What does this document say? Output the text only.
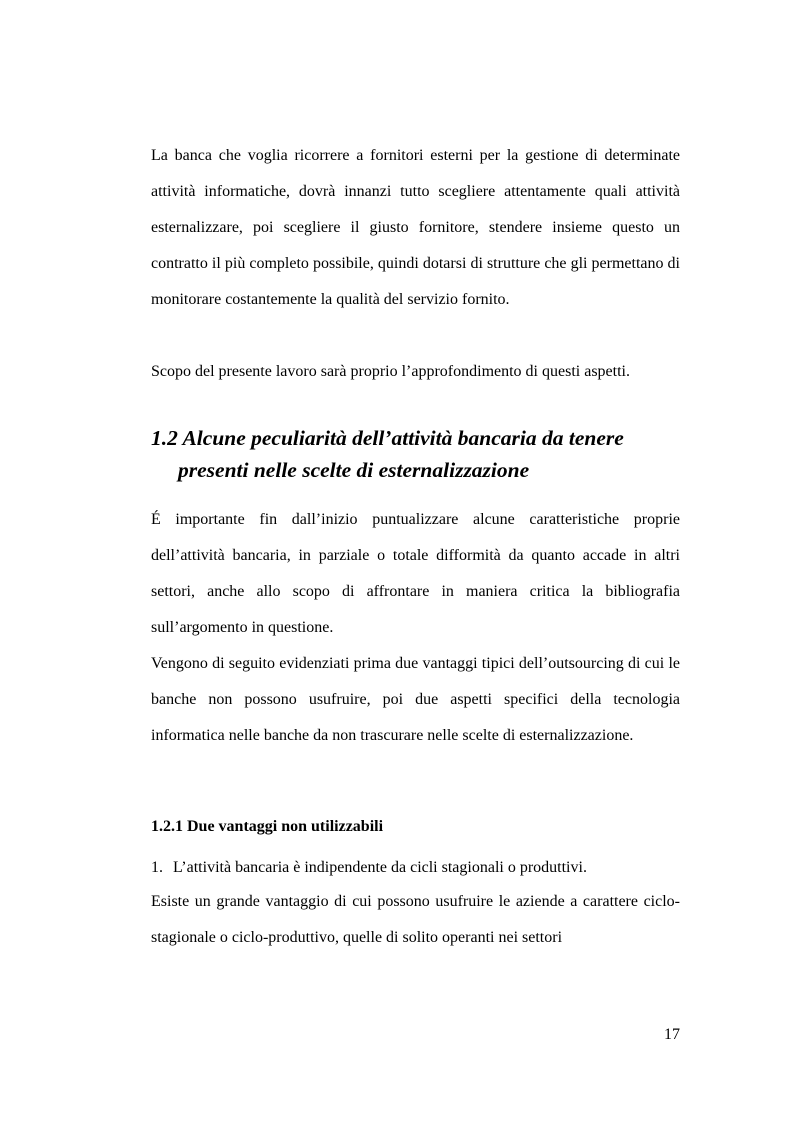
La banca che voglia ricorrere a fornitori esterni per la gestione di determinate attività informatiche, dovrà innanzi tutto scegliere attentamente quali attività esternalizzare, poi scegliere il giusto fornitore, stendere insieme questo un contratto il più completo possibile, quindi dotarsi di strutture che gli permettano di monitorare costantemente la qualità del servizio fornito.

Scopo del presente lavoro sarà proprio l’approfondimento di questi aspetti.

1.2 Alcune peculiarità dell’attività bancaria da tenere
presenti nelle scelte di esternalizzazione

É importante fin dall’inizio puntualizzare alcune caratteristiche proprie dell’attività bancaria, in parziale o totale difformità da quanto accade in altri settori, anche allo scopo di affrontare in maniera critica la bibliografia sull’argomento in questione.

Vengono di seguito evidenziati prima due vantaggi tipici dell’outsourcing di cui le banche non possono usufruire, poi due aspetti specifici della tecnologia informatica nelle banche da non trascurare nelle scelte di esternalizzazione.

1.2.1 Due vantaggi non utilizzabili

1. L’attività bancaria è indipendente da cicli stagionali o produttivi.

Esiste un grande vantaggio di cui possono usufruire le aziende a carattere ciclo-stagionale o ciclo-produttivo, quelle di solito operanti nei settori

17
